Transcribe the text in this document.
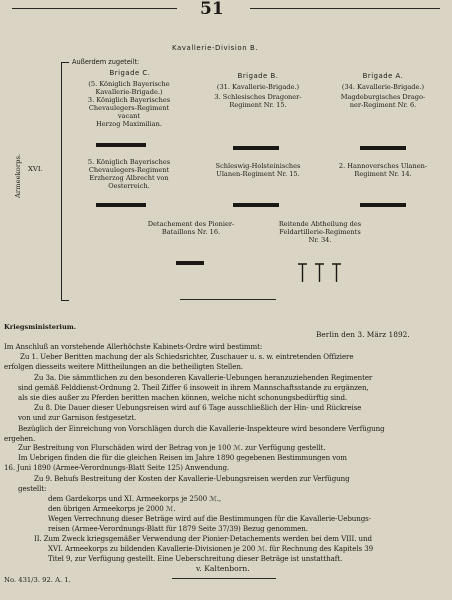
51
Kavallerie-Division B.
Außerdem zugeteilt:
XVI.
Armeekorps.
Brigade C.
(5. Königlich Bayerische
Kavallerie-Brigade.)
3. Königlich Bayerisches
Chevaulegers-Regiment
vacant
Herzog Maximilian.
5. Königlich Bayerisches
Chevaulegers-Regiment
Erzherzog Albrecht von
Oesterreich.
Brigade B.
(31. Kavallerie-Brigade.)
3. Schlesisches Dragoner-
Regiment Nr. 15.
Schleswig-Holsteinisches
Ulanen-Regiment Nr. 15.
Brigade A.
(34. Kavallerie-Brigade.)
Magdeburgisches Drago-
ner-Regiment Nr. 6.
2. Hannoversches Ulanen-
Regiment Nr. 14.
Detachement des Pionier-
Bataillons Nr. 16.
Reitende Abtheilung des
Feldartillerie-Regiments
Nr. 34.
Kriegsministerium.
Berlin den 3. März 1892.
Im Anschluß an vorstehende Allerhöchste Kabinets-Ordre wird bestimmt:
Zu 1. Ueber Beritten machung der als Schiedsrichter, Zuschauer u. s. w. eintretenden Offiziere
erfolgen diesseits weitere Mittheilungen an die betheiligten Stellen.
Zu 3a. Die sämmtlichen zu den besonderen Kavallerie-Uebungen heranzuziehenden Regimenter
sind gemäß Felddienst-Ordnung 2. Theil Ziffer 6 insoweit in ihrem Mannschaftsstande zu ergänzen,
als sie dies außer zu Pferden beritten machen können, welche nicht schonungsbedürftig sind.
Zu 8. Die Dauer dieser Uebungsreisen wird auf 6 Tage ausschließlich der Hin- und Rückreise
von und zur Garnison festgesetzt.
Bezüglich der Einreichung von Vorschlägen durch die Kavallerie-Inspekteure wird besondere Verfügung
ergehen.
Zur Bestreitung von Flurschäden wird der Betrag von je 100 ℳ. zur Verfügung gestellt.
Im Uebrigen finden die für die gleichen Reisen im Jahre 1890 gegebenen Bestimmungen vom
16. Juni 1890 (Armee-Verordnungs-Blatt Seite 125) Anwendung.
Zu 9. Behufs Bestreitung der Kosten der Kavallerie-Uebungsreisen werden zur Verfügung
gestellt:
dem Gardekorps und XI. Armeekorps je 2500 ℳ.,
den übrigen Armeekorps je 2000 ℳ.
Wegen Verrechnung dieser Beträge wird auf die Bestimmungen für die Kavallerie-Uebungs-
reisen (Armee-Verordnungs-Blatt für 1879 Seite 37/39) Bezug genommen.
II. Zum Zweck kriegsgemäßer Verwendung der Pionier-Detachements werden bei dem VIII. und
XVI. Armeekorps zu bildenden Kavallerie-Divisionen je 200 ℳ. für Rechnung des Kapitels 39
Titel 9, zur Verfügung gestellt. Eine Ueberschreitung dieser Beträge ist unstatthaft.
v. Kaltenborn.
No. 431/3. 92. A. 1.
